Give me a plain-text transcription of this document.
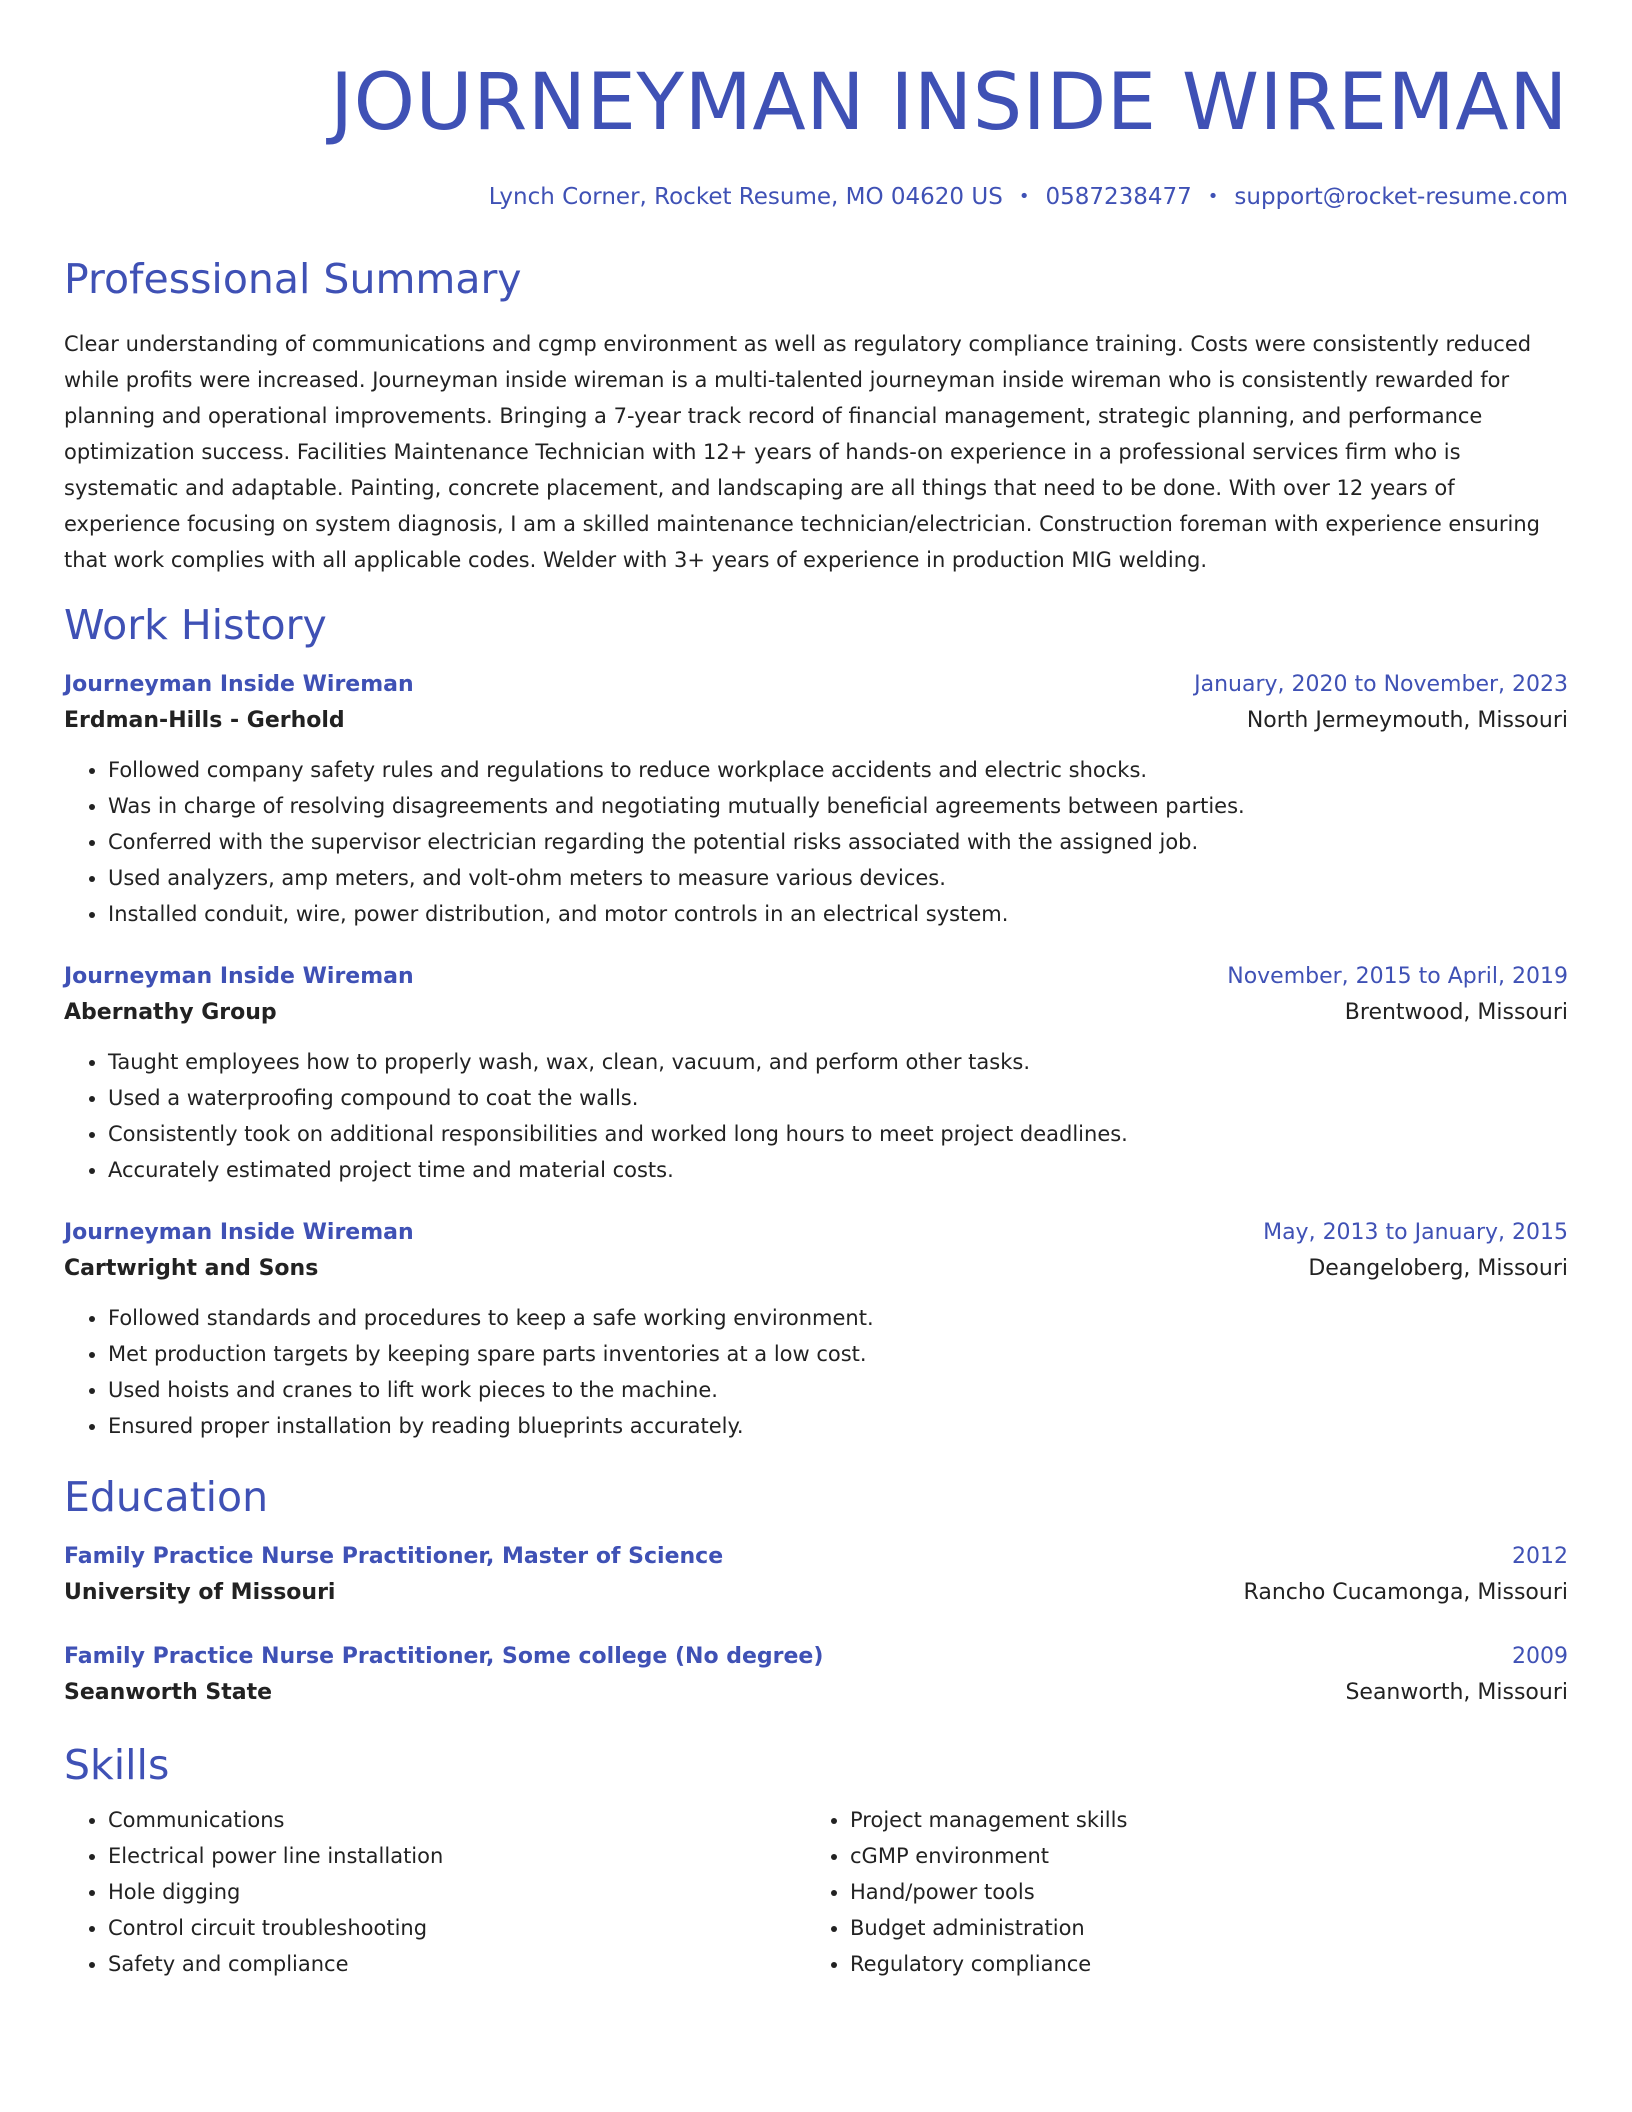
JOURNEYMAN INSIDE WIREMAN
Lynch Corner, Rocket Resume, MO 04620 US • 0587238477 • support@rocket-resume.com
Professional Summary
Clear understanding of communications and cgmp environment as well as regulatory compliance training. Costs were consistently reduced while profits were increased. Journeyman inside wireman is a multi-talented journeyman inside wireman who is consistently rewarded for planning and operational improvements. Bringing a 7-year track record of financial management, strategic planning, and performance optimization success. Facilities Maintenance Technician with 12+ years of hands-on experience in a professional services firm who is systematic and adaptable. Painting, concrete placement, and landscaping are all things that need to be done. With over 12 years of experience focusing on system diagnosis, I am a skilled maintenance technician/electrician. Construction foreman with experience ensuring that work complies with all applicable codes. Welder with 3+ years of experience in production MIG welding.
Work History
Journeyman Inside Wireman	January, 2020 to November, 2023
Erdman-Hills - Gerhold	North Jermeymouth, Missouri
• Followed company safety rules and regulations to reduce workplace accidents and electric shocks.
• Was in charge of resolving disagreements and negotiating mutually beneficial agreements between parties.
• Conferred with the supervisor electrician regarding the potential risks associated with the assigned job.
• Used analyzers, amp meters, and volt-ohm meters to measure various devices.
• Installed conduit, wire, power distribution, and motor controls in an electrical system.
Journeyman Inside Wireman	November, 2015 to April, 2019
Abernathy Group	Brentwood, Missouri
• Taught employees how to properly wash, wax, clean, vacuum, and perform other tasks.
• Used a waterproofing compound to coat the walls.
• Consistently took on additional responsibilities and worked long hours to meet project deadlines.
• Accurately estimated project time and material costs.
Journeyman Inside Wireman	May, 2013 to January, 2015
Cartwright and Sons	Deangeloberg, Missouri
• Followed standards and procedures to keep a safe working environment.
• Met production targets by keeping spare parts inventories at a low cost.
• Used hoists and cranes to lift work pieces to the machine.
• Ensured proper installation by reading blueprints accurately.
Education
Family Practice Nurse Practitioner, Master of Science	2012
University of Missouri	Rancho Cucamonga, Missouri
Family Practice Nurse Practitioner, Some college (No degree)	2009
Seanworth State	Seanworth, Missouri
Skills
• Communications
• Electrical power line installation
• Hole digging
• Control circuit troubleshooting
• Safety and compliance
• Project management skills
• cGMP environment
• Hand/power tools
• Budget administration
• Regulatory compliance
